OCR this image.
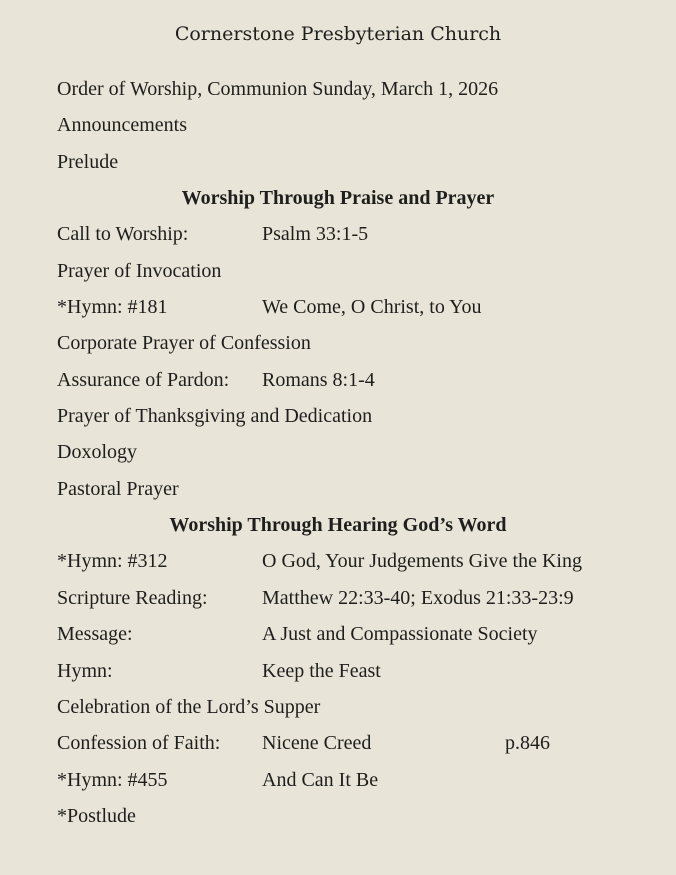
Cornerstone Presbyterian Church
Order of Worship, Communion Sunday, March 1, 2026
Announcements
Prelude
Worship Through Praise and Prayer
Call to Worship:	Psalm 33:1-5
Prayer of Invocation
*Hymn: #181	We Come, O Christ, to You
Corporate Prayer of Confession
Assurance of Pardon: Romans 8:1-4
Prayer of Thanksgiving and Dedication
Doxology
Pastoral Prayer
Worship Through Hearing God’s Word
*Hymn: #312	O God, Your Judgements Give the King
Scripture Reading:	Matthew 22:33-40; Exodus 21:33-23:9
Message:	A Just and Compassionate Society
Hymn:	Keep the Feast
Celebration of the Lord’s Supper
Confession of Faith: Nicene Creed	p.846
*Hymn: #455	And Can It Be
*Postlude
